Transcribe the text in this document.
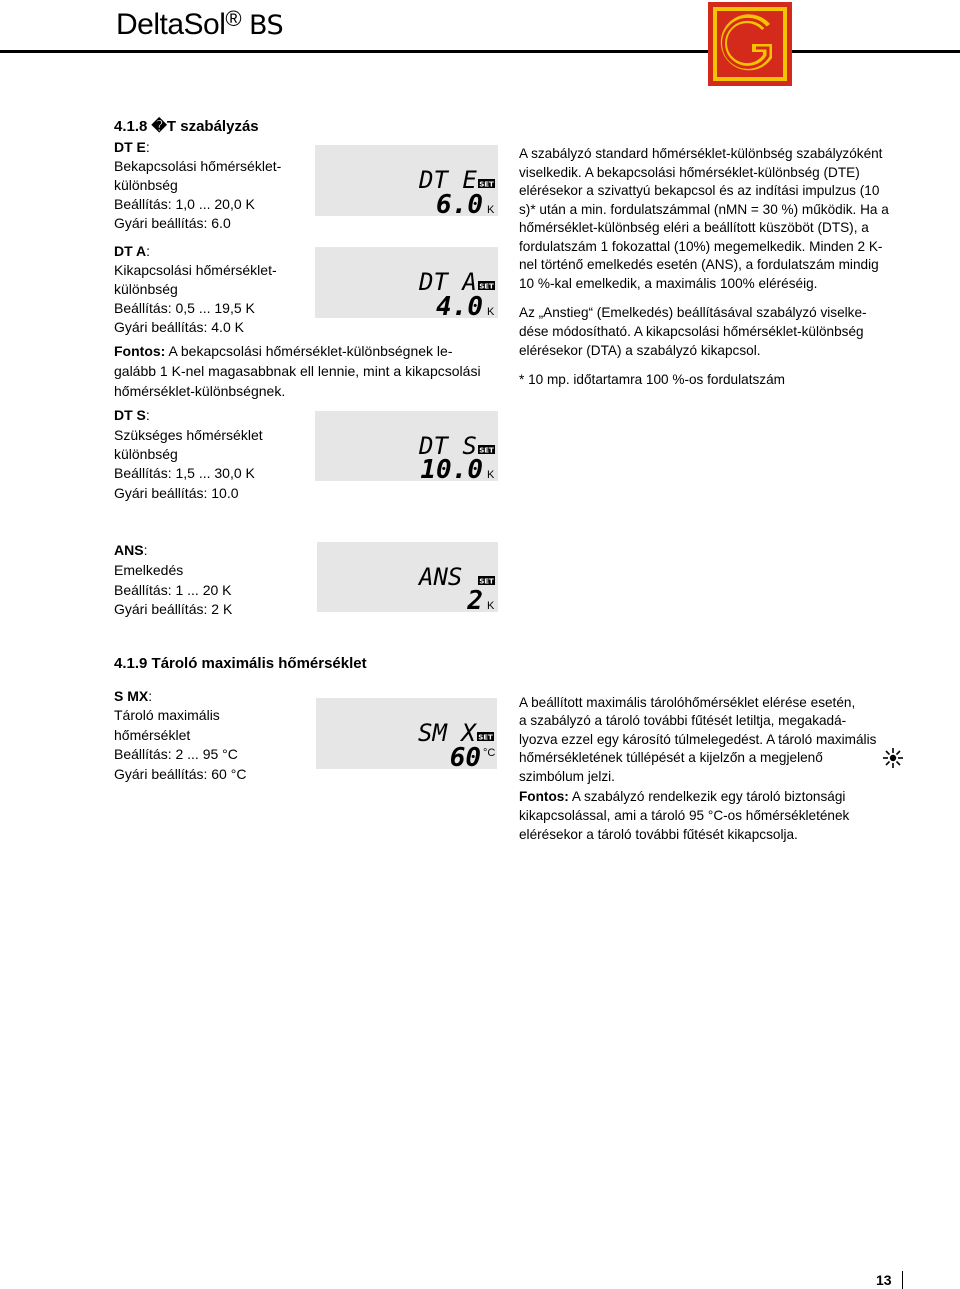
DeltaSol® BS
4.1.8 �T szabályzás
DT E:
Bekapcsolási hőmérséklet-
különbség
Beállítás: 1,0 ... 20,0 K
Gyári beállítás: 6.0
DT E SET
6.0 K
DT A:
Kikapcsolási hőmérséklet-
különbség
Beállítás: 0,5 ... 19,5 K
Gyári beállítás: 4.0 K
DT A SET
4.0 K
Fontos: A bekapcsolási hőmérséklet-különbségnek le-
galább 1 K-nel magasabbnak ell lennie, mint a kikapcsolási
hőmérséklet-különbségnek.
DT S:
Szükséges hőmérséklet
különbség
Beállítás: 1,5 ... 30,0 K
Gyári beállítás: 10.0
DT S SET
10.0 K
A szabályzó standard hőmérséklet-különbség szabályzóként
viselkedik. A bekapcsolási hőmérséklet-különbség (DTE)
elérésekor a szivattyú bekapcsol és az indítási impulzus (10
s)* után a min. fordulatszámmal (nMN = 30 %) működik. Ha a
hőmérséklet-különbség eléri a beállított küszöböt (DTS), a
fordulatszám 1 fokozattal (10%) megemelkedik. Minden 2 K-
nel történő emelkedés esetén (ANS), a fordulatszám mindig
10 %-kal emelkedik, a maximális 100% eléréséig.
Az „Anstieg“ (Emelkedés) beállításával szabályzó viselke-
dése módosítható. A kikapcsolási hőmérséklet-különbség
elérésekor (DTA) a szabályzó kikapcsol.
* 10 mp. időtartamra 100 %-os fordulatszám
ANS:
Emelkedés
Beállítás: 1 ... 20 K
Gyári beállítás: 2 K
ANS SET
2 K
4.1.9 Tároló maximális hőmérséklet
S MX:
Tároló maximális
hőmérséklet
Beállítás: 2 ... 95 °C
Gyári beállítás: 60 °C
SM X SET
60 °C
A beállított maximális tárolóhőmérséklet elérése esetén,
a szabályzó a tároló további fűtését letiltja, megakadá-
lyozva ezzel egy károsító túlmelegedést. A tároló maximális
hőmérsékletének túllépését a kijelzőn a megjelenő
szimbólum jelzi.
Fontos: A szabályzó rendelkezik egy tároló biztonsági
kikapcsolással, ami a tároló 95 °C-os hőmérsékletének
elérésekor a tároló további fűtését kikapcsolja.
13
